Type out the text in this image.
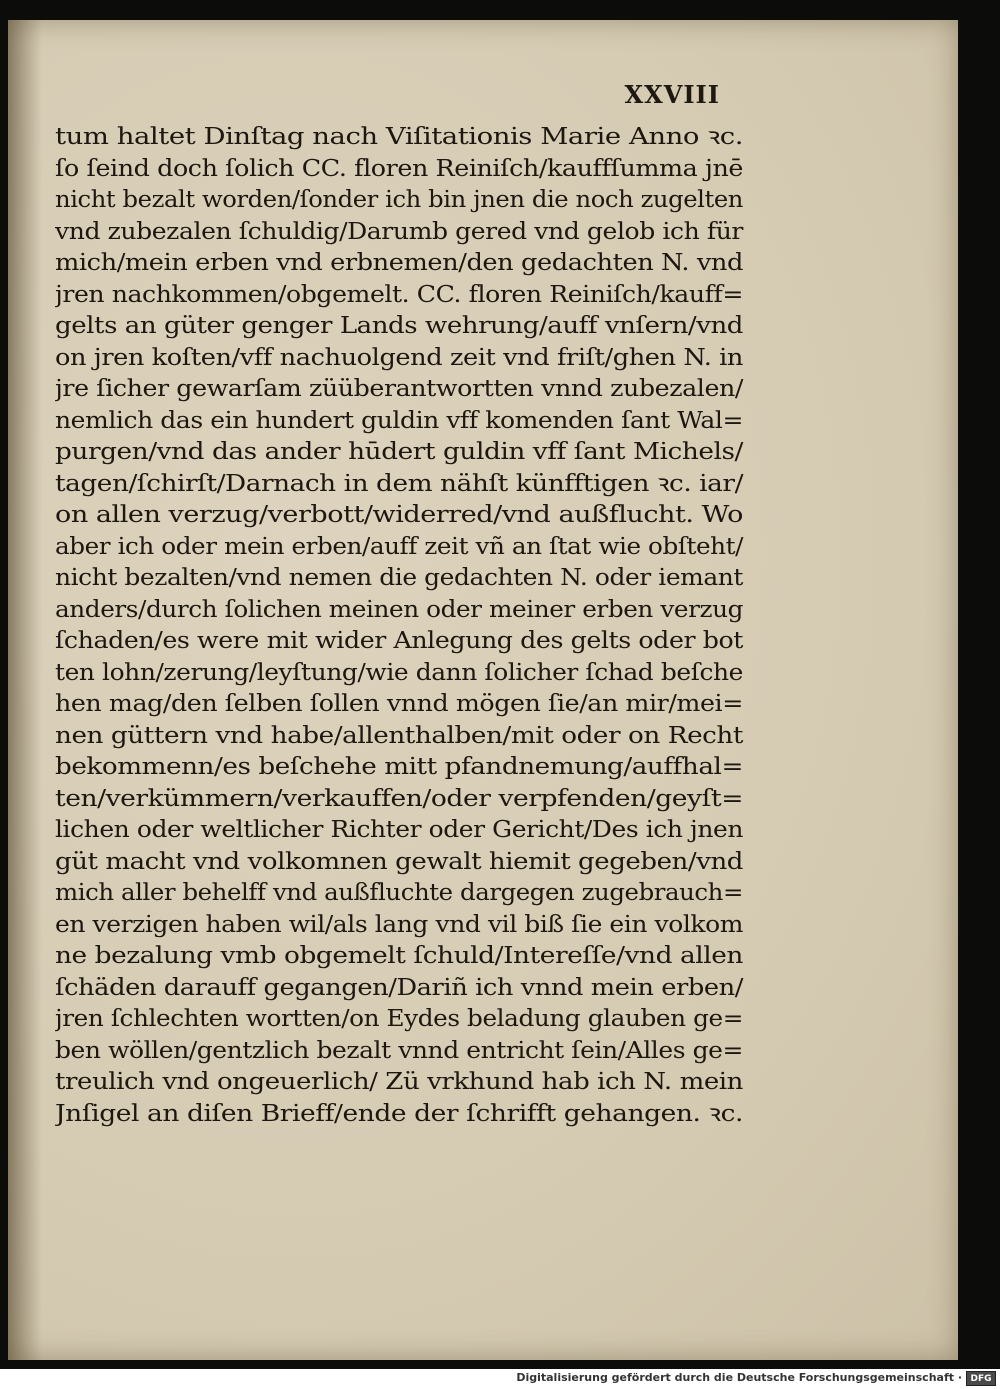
XXVIII
tum haltet Dinſtag nach Viſitationis Marie Anno ꝛc.
ſo ſeind doch ſolich CC. floren Reiniſch/kauffſumma jnē
nicht bezalt worden/ſonder ich bin jnen die noch zugelten
vnd zubezalen ſchuldig/Darumb gered vnd gelob ich für
mich/mein erben vnd erbnemen/den gedachten N. vnd
jren nachkommen/obgemelt. CC. floren Reiniſch/kauff=
gelts an güter genger Lands wehrung/auff vnſern/vnd
on jren koſten/vff nachuolgend zeit vnd friſt/ghen N. in
jre ſicher gewarſam züüberantwortten vnnd zubezalen/
nemlich das ein hundert guldin vff komenden ſant Wal=
purgen/vnd das ander hūdert guldin vff ſant Michels/
tagen/ſchirſt/Darnach in dem nähſt künfftigen ꝛc. iar/
on allen verzug/verbott/widerred/vnd außflucht. Wo
aber ich oder mein erben/auff zeit vñ an ſtat wie obſteht/
nicht bezalten/vnd nemen die gedachten N. oder iemant
anders/durch ſolichen meinen oder meiner erben verzug
ſchaden/es were mit wider Anlegung des gelts oder bot
ten lohn/zerung/leyſtung/wie dann ſolicher ſchad beſche
hen mag/den ſelben ſollen vnnd mögen ſie/an mir/mei=
nen güttern vnd habe/allenthalben/mit oder on Recht
bekommenn/es beſchehe mitt pfandnemung/auffhal=
ten/verkümmern/verkauffen/oder verpfenden/geyſt=
lichen oder weltlicher Richter oder Gericht/Des ich jnen
güt macht vnd volkomnen gewalt hiemit gegeben/vnd
mich aller behelff vnd außfluchte dargegen zugebrauch=
en verzigen haben wil/als lang vnd vil biß ſie ein volkom
ne bezalung vmb obgemelt ſchuld/Intereſſe/vnd allen
ſchäden darauff gegangen/Dariñ ich vnnd mein erben/
jren ſchlechten wortten/on Eydes beladung glauben ge=
ben wöllen/gentzlich bezalt vnnd entricht ſein/Alles ge=
treulich vnd ongeuerlich/ Zü vrkhund hab ich N. mein
Jnſigel an diſen Brieff/ende der ſchrifft gehangen. ꝛc.
Digitalisierung gefördert durch die Deutsche Forschungsgemeinschaft · DFG
